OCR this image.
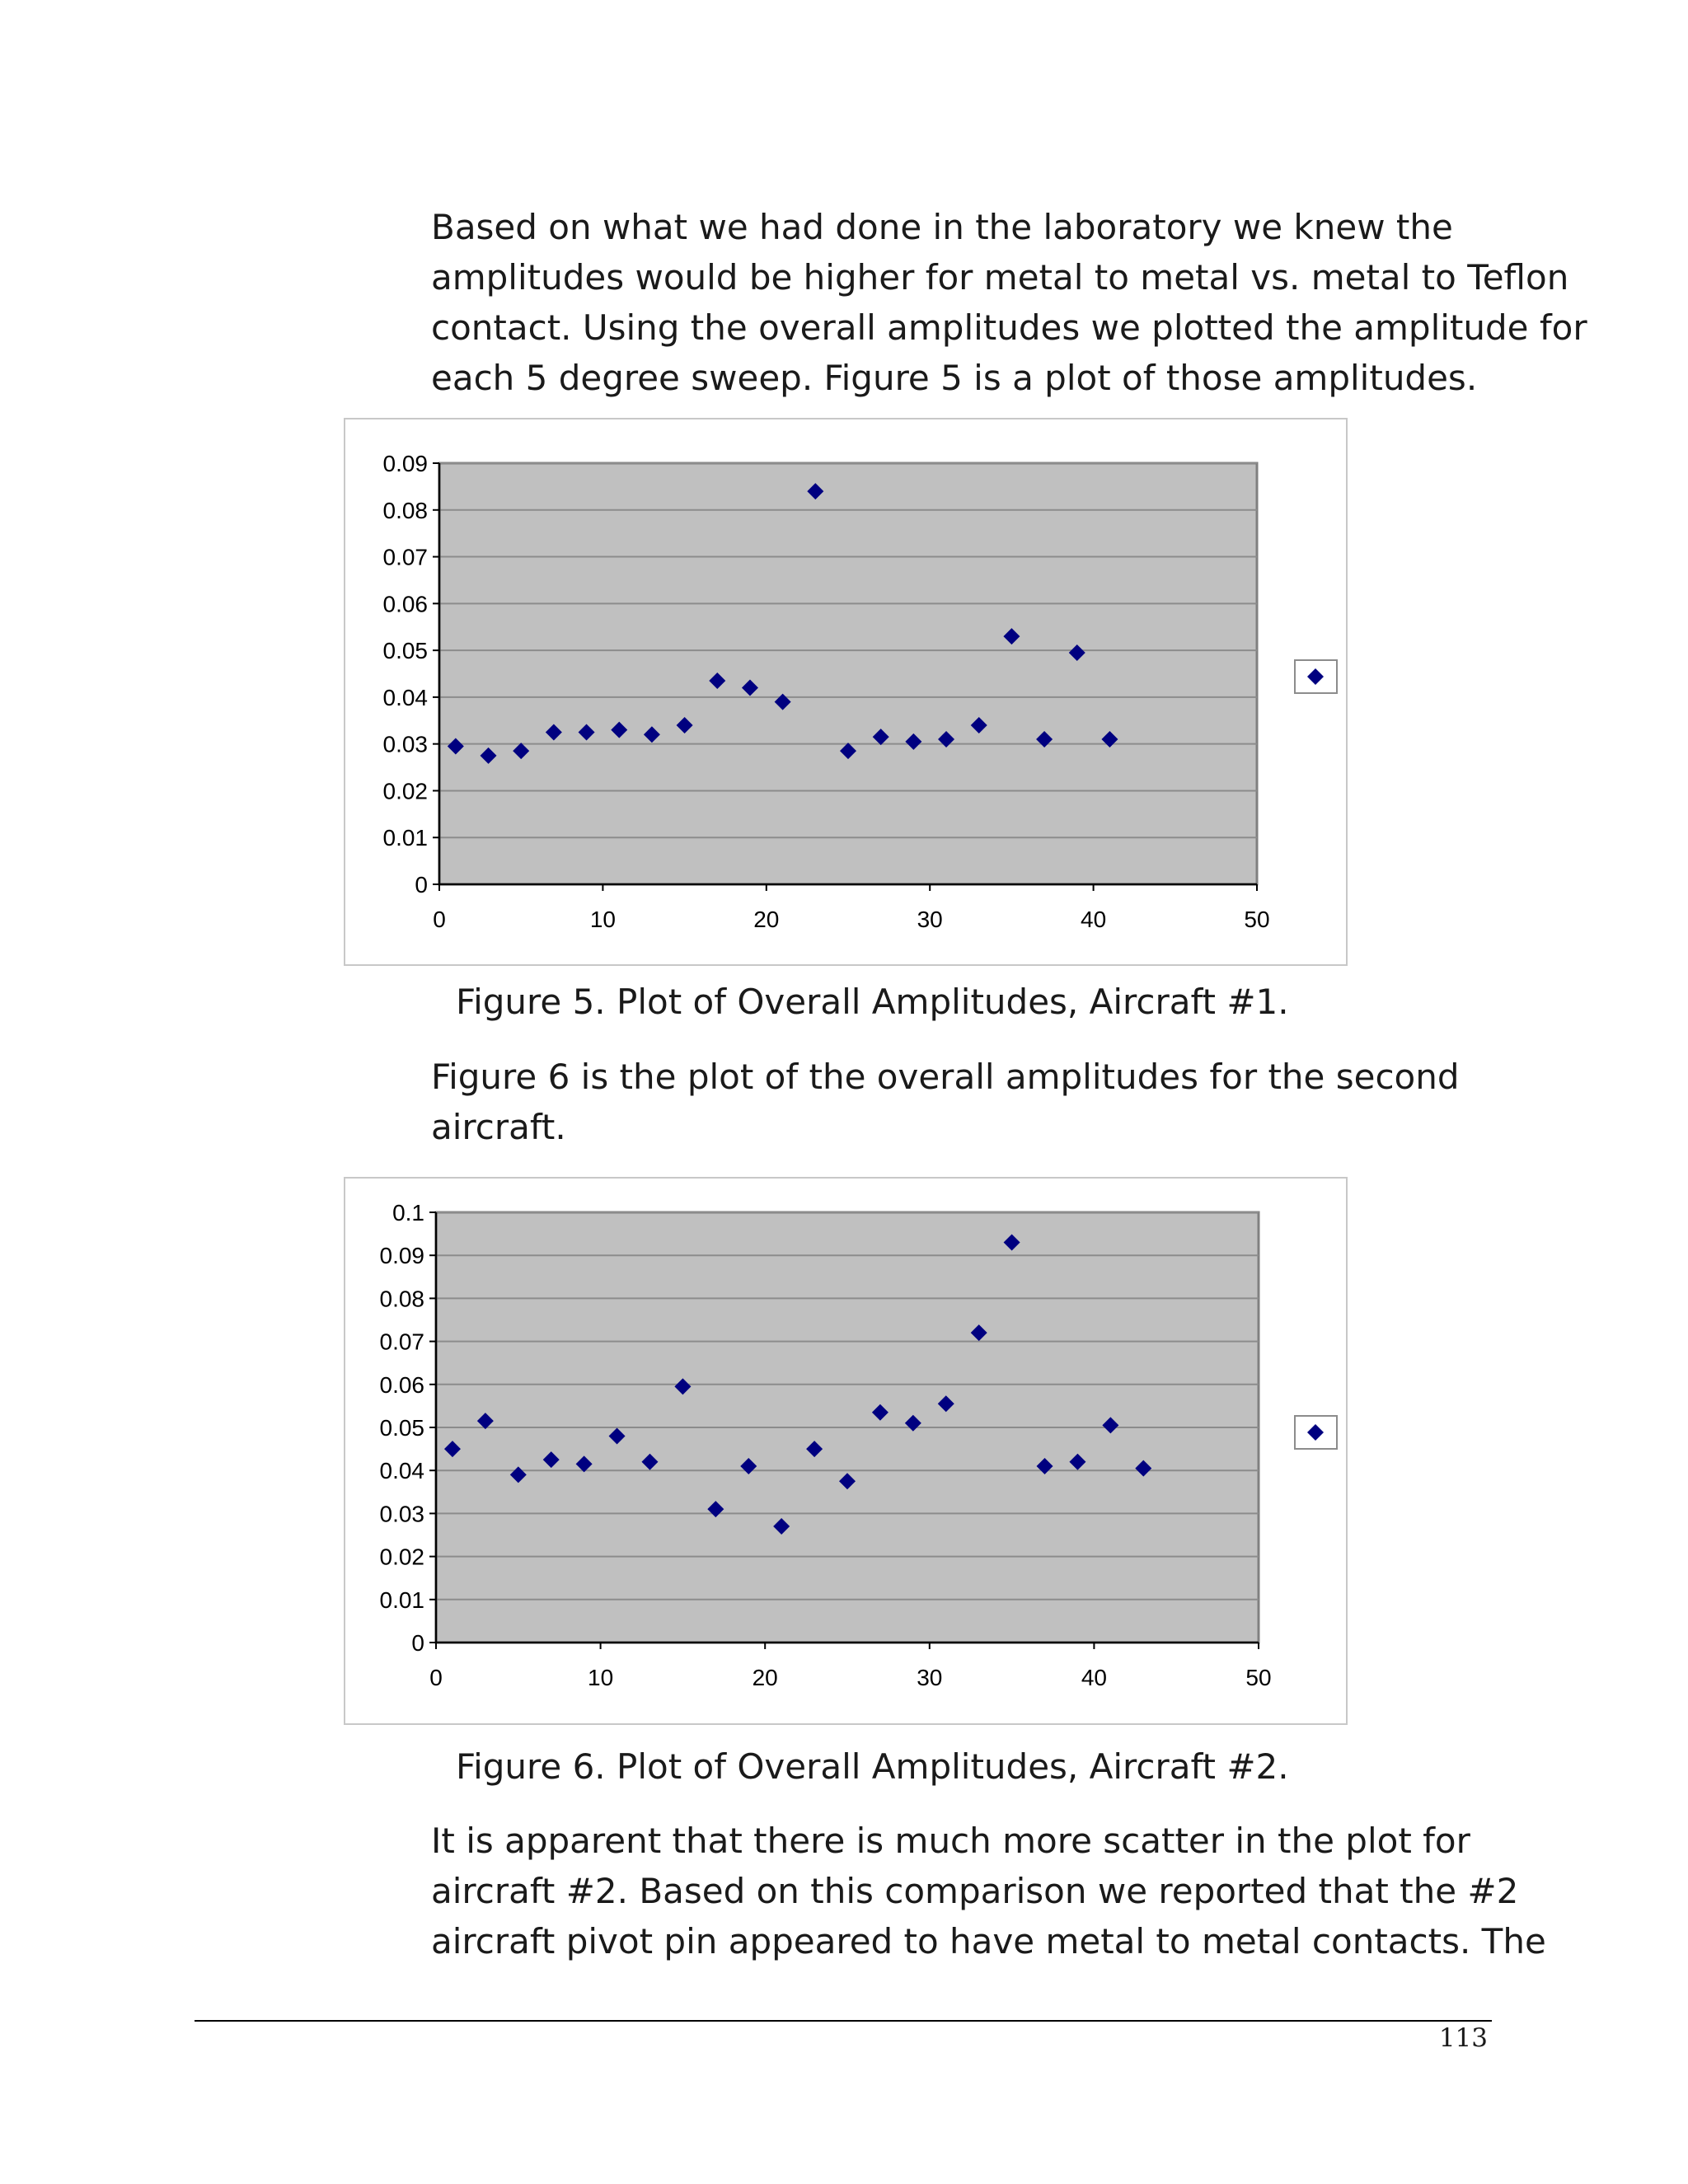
Based on what we had done in the laboratory we knew the
amplitudes would be higher for metal to metal vs. metal to Teflon
contact. Using the overall amplitudes we plotted the amplitude for
each 5 degree sweep. Figure 5 is a plot of those amplitudes.
0
0.01
0.02
0.03
0.04
0.05
0.06
0.07
0.08
0.09
0	10	20	30	40	50

Figure 5. Plot of Overall Amplitudes, Aircraft #1.

Figure 6 is the plot of the overall amplitudes for the second
aircraft.
0
0.01
0.02
0.03
0.04
0.05
0.06
0.07
0.08
0.09
0.1
0	10	20	30	40	50

Figure 6. Plot of Overall Amplitudes, Aircraft #2.

It is apparent that there is much more scatter in the plot for
aircraft #2. Based on this comparison we reported that the #2
aircraft pivot pin appeared to have metal to metal contacts. The
113
